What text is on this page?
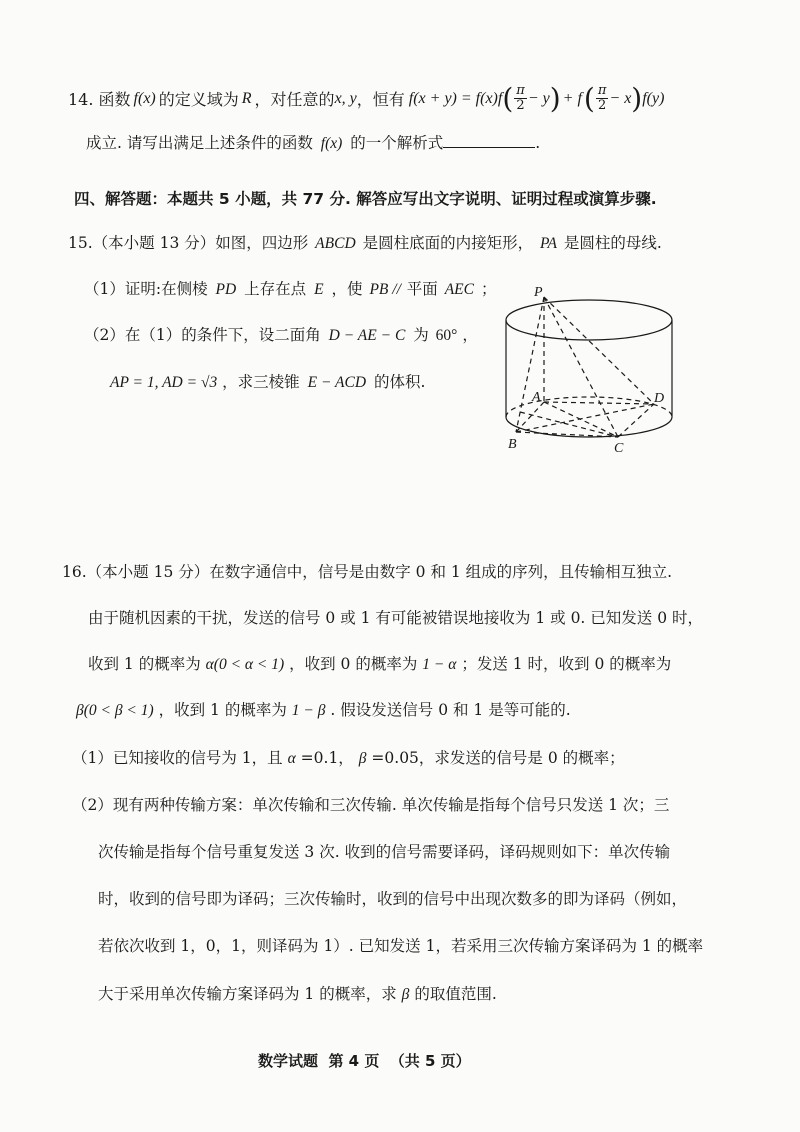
14. 函数 f(x) 的定义域为 R ，对任意的 x, y ，恒有 f(x + y) = f(x)f ( $\frac{\pi}{2} - y$ ) + f ( $\frac{\pi}{2} - x$ ) f(y)
成立. 请写出满足上述条件的函数 f(x) 的一个解析式	.
四、解答题：本题共 5 小题，共 77 分. 解答应写出文字说明、证明过程或演算步骤.
15.（本小题 13 分）如图，四边形 ABCD 是圆柱底面的内接矩形， PA 是圆柱的母线.
（1）证明:在侧棱 PD 上存在点 E ，使 PB // 平面 AEC ；
（2）在（1）的条件下，设二面角 D − AE − C 为 60° ，
AP = 1, AD = √3 ，求三棱锥 E − ACD 的体积.
P
A
B	C
D
16.（本小题 15 分）在数字通信中，信号是由数字 0 和 1 组成的序列，且传输相互独立.
由于随机因素的干扰，发送的信号 0 或 1 有可能被错误地接收为 1 或 0. 已知发送 0 时，
收到 1 的概率为 α(0 < α < 1) ，收到 0 的概率为 1 − α ；发送 1 时，收到 0 的概率为
β(0 < β < 1) ，收到 1 的概率为 1 − β . 假设发送信号 0 和 1 是等可能的.
（1）已知接收的信号为 1，且 α =0.1， β =0.05，求发送的信号是 0 的概率；
（2）现有两种传输方案：单次传输和三次传输. 单次传输是指每个信号只发送 1 次；三
次传输是指每个信号重复发送 3 次. 收到的信号需要译码，译码规则如下：单次传输
时，收到的信号即为译码；三次传输时，收到的信号中出现次数多的即为译码（例如，
若依次收到 1，0，1，则译码为 1）. 已知发送 1，若采用三次传输方案译码为 1 的概率
大于采用单次传输方案译码为 1 的概率，求 β 的取值范围.
数学试题  第 4 页  （共 5 页）
